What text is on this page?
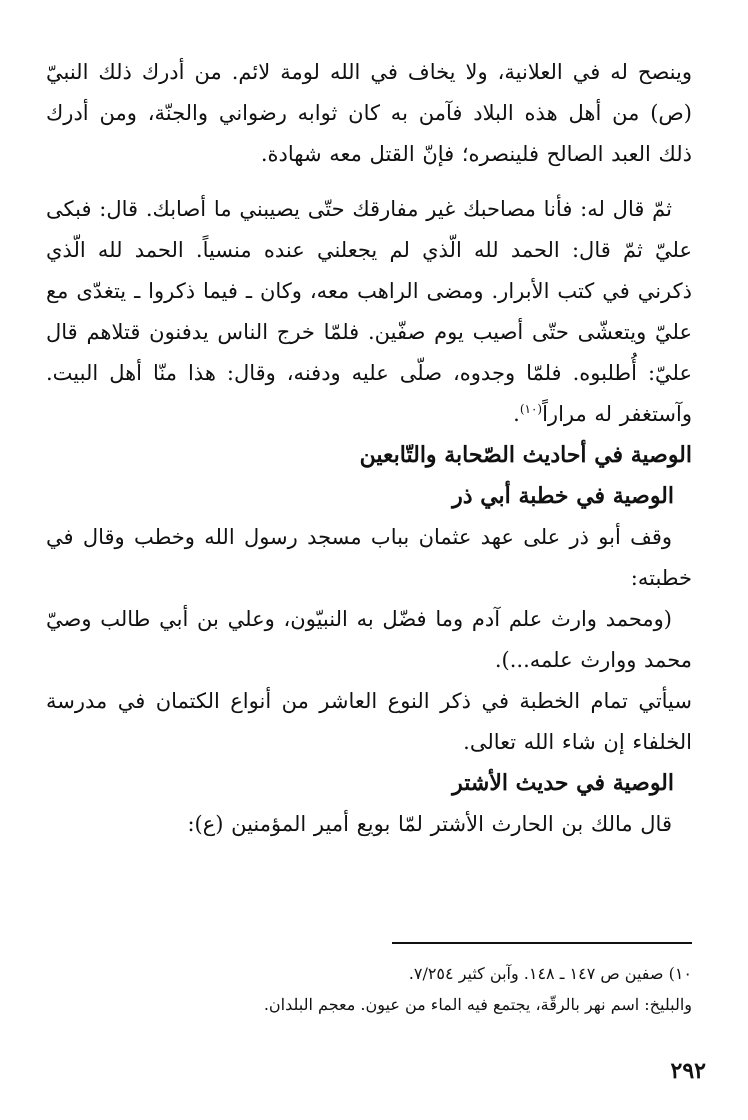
وينصح له في العلانية، ولا يخاف في الله لومة لائم. من أدرك ذلك النبيّ (ص) من أهل هذه البلاد فآمن به كان ثوابه رضواني والجنّة، ومن أدرك ذلك العبد الصالح فلينصره؛ فإنّ القتل معه شهادة.

ثمّ قال له: فأنا مصاحبك غير مفارقك حتّى يصيبني ما أصابك. قال: فبكى عليّ ثمّ قال: الحمد لله الّذي لم يجعلني عنده منسياً. الحمد لله الّذي ذكرني في كتب الأبرار. ومضى الراهب معه، وكان ـ فيما ذكروا ـ يتغدّى مع عليّ ويتعشّى حتّى أصيب يوم صفّين. فلمّا خرج الناس يدفنون قتلاهم قال عليّ: أُطلبوه. فلمّا وجدوه، صلّى عليه ودفنه، وقال: هذا منّا أهل البيت. وآستغفر له مراراً$^{(١٠)}$.

الوصية في أحاديث الصّحابة والتّابعين

الوصية في خطبة أبي ذر

وقف أبو ذر على عهد عثمان بباب مسجد رسول الله وخطب وقال في خطبته:

(ومحمد وارث علم آدم وما فضّل به النبيّون، وعلي بن أبي طالب وصيّ محمد ووارث علمه...).

سيأتي تمام الخطبة في ذكر النوع العاشر من أنواع الكتمان في مدرسة الخلفاء إن شاء الله تعالى.

الوصية في حديث الأشتر

قال مالك بن الحارث الأشتر لمّا بويع أمير المؤمنين (ع):

١٠) صفين ص ١٤٧ ـ ١٤٨. وآبن كثير ٧/٢٥٤.

والبليخ: اسم نهر بالرقّة، يجتمع فيه الماء من عيون. معجم البلدان.

٢٩٢
